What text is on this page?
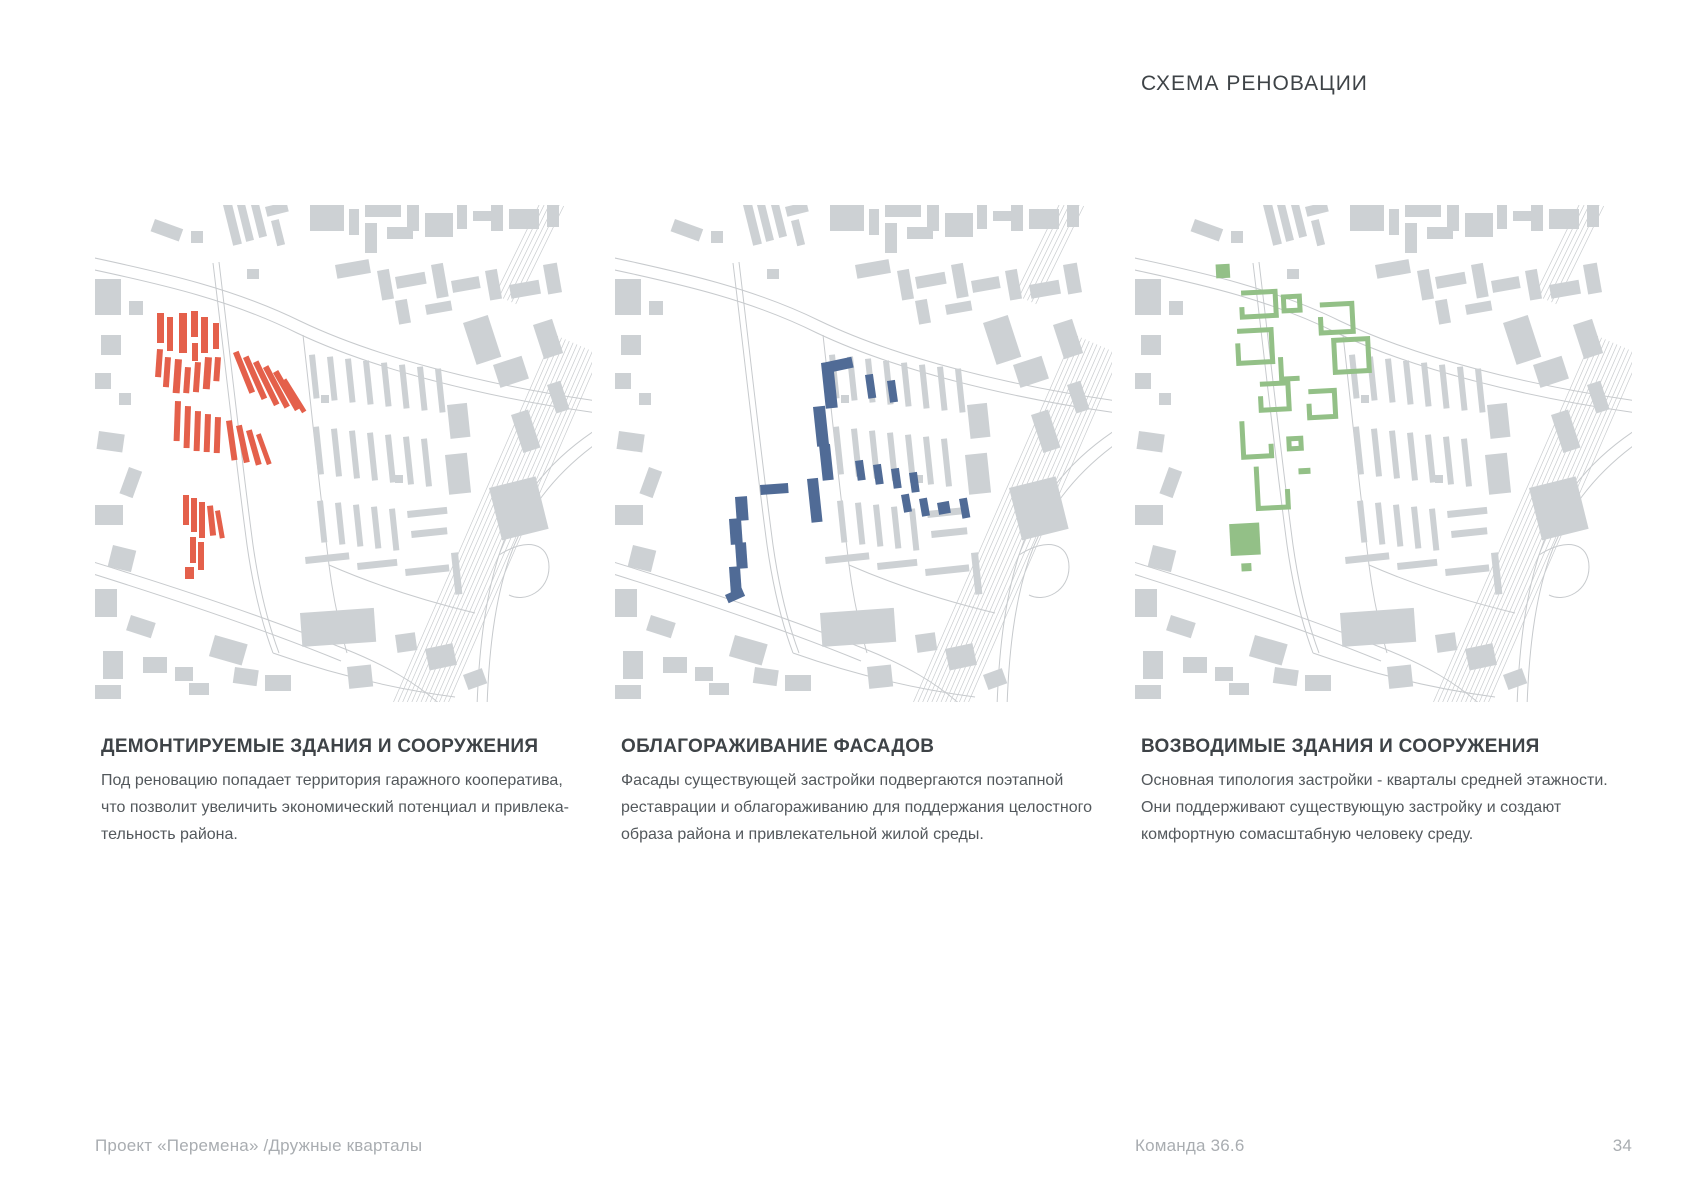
СХЕМА РЕНОВАЦИИ
ДЕМОНТИРУЕМЫЕ ЗДАНИЯ И СООРУЖЕНИЯ
Под реновацию попадает территория гаражного кооператива,
что позволит увеличить экономический потенциал и привлека-
тельность района.
ОБЛАГОРАЖИВАНИЕ ФАСАДОВ
Фасады существующей застройки подвергаются поэтапной
реставрации и облагораживанию для поддержания целостного
образа района и привлекательной жилой среды.
ВОЗВОДИМЫЕ ЗДАНИЯ И СООРУЖЕНИЯ
Основная типология застройки - кварталы средней этажности.
Они поддерживают существующую застройку и создают
комфортную сомасштабную человеку среду.
Проект «Перемена» /Дружные кварталы	Команда 36.6	34
